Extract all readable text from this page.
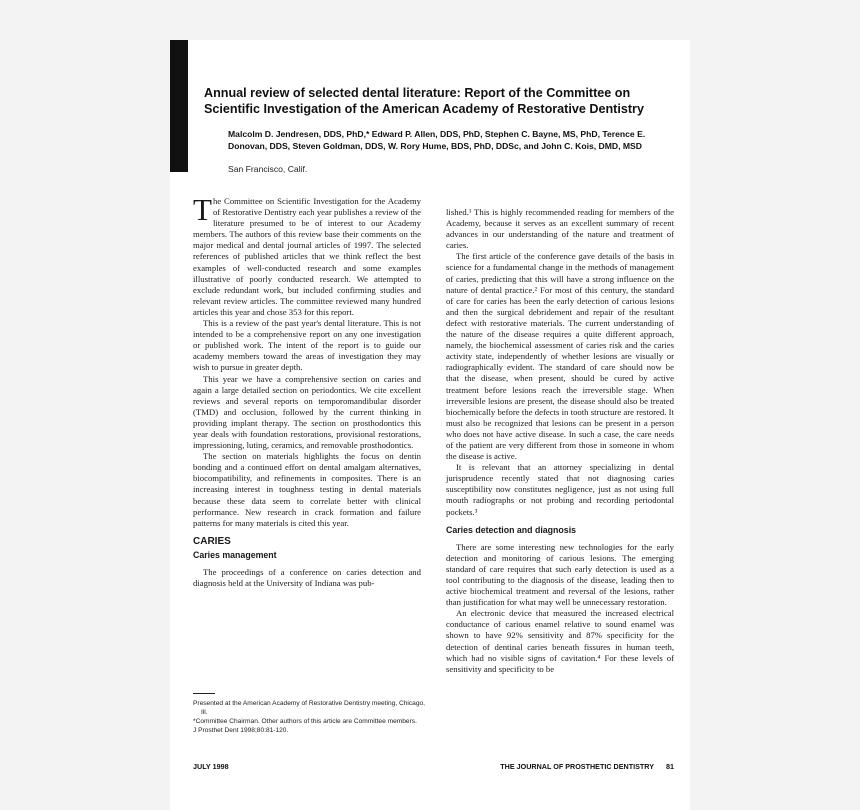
Annual review of selected dental literature: Report of the Committee on Scientific Investigation of the American Academy of Restorative Dentistry
Malcolm D. Jendresen, DDS, PhD,* Edward P. Allen, DDS, PhD, Stephen C. Bayne, MS, PhD, Terence E. Donovan, DDS, Steven Goldman, DDS, W. Rory Hume, BDS, PhD, DDSc, and John C. Kois, DMD, MSD
San Francisco, Calif.

The Committee on Scientific Investigation for the Academy of Restorative Dentistry each year publishes a review of the literature presumed to be of interest to our Academy members. The authors of this review base their comments on the major medical and dental journal articles of 1997. The selected references of published articles that we think reflect the best examples of well-conducted research and some examples illustrative of poorly conducted research. We attempted to exclude redundant work, but included confirming studies and relevant review articles. The committee reviewed many hundred articles this year and chose 353 for this report.

This is a review of the past year's dental literature. This is not intended to be a comprehensive report on any one investigation or published work. The intent of the report is to guide our academy members toward the areas of investigation they may wish to pursue in greater depth.

This year we have a comprehensive section on caries and again a large detailed section on periodontics. We cite excellent reviews and several reports on temporomandibular disorder (TMD) and occlusion, followed by the current thinking in providing implant therapy. The section on prosthodontics this year deals with foundation restorations, provisional restorations, impressioning, luting, ceramics, and removable prosthodontics.

The section on materials highlights the focus on dentin bonding and a continued effort on dental amalgam alternatives, biocompatibility, and refinements in composites. There is an increasing interest in toughness testing in dental materials because these data seem to correlate better with clinical performance. New research in crack formation and failure patterns for many materials is cited this year.

CARIES
Caries management

The proceedings of a conference on caries detection and diagnosis held at the University of Indiana was pub-

lished.¹ This is highly recommended reading for members of the Academy, because it serves as an excellent summary of recent advances in our understanding of the nature and treatment of caries.

The first article of the conference gave details of the basis in science for a fundamental change in the methods of management of caries, predicting that this will have a strong influence on the nature of dental practice.² For most of this century, the standard of care for caries has been the early detection of carious lesions and then the surgical debridement and repair of the resultant defect with restorative materials. The current understanding of the nature of the disease requires a quite different approach, namely, the biochemical assessment of caries risk and the caries activity state, independently of whether lesions are visually or radiographically evident. The standard of care should now be that the disease, when present, should be cured by active treatment before lesions reach the irreversible stage. When irreversible lesions are present, the disease should also be treated biochemically before the defects in tooth structure are restored. It must also be recognized that lesions can be present in a person who does not have active disease. In such a case, the care needs of the patient are very different from those in someone in whom the disease is active.

It is relevant that an attorney specializing in dental jurisprudence recently stated that not diagnosing caries susceptibility now constitutes negligence, just as not using full mouth radiographs or not probing and recording periodontal pockets.³

Caries detection and diagnosis

There are some interesting new technologies for the early detection and monitoring of carious lesions. The emerging standard of care requires that such early detection is used as a tool contributing to the diagnosis of the disease, leading then to active biochemical treatment and reversal of the lesions, rather than justification for what may well be unnecessary restoration.

An electronic device that measured the increased electrical conductance of carious enamel relative to sound enamel was shown to have 92% sensitivity and 87% specificity for the detection of dentinal caries beneath fissures in human teeth, which had no visible signs of cavitation.⁴ For these levels of sensitivity and specificity to be

Presented at the American Academy of Restorative Dentistry meeting, Chicago, Ill.
*Committee Chairman. Other authors of this article are Committee members.
J Prosthet Dent 1998;80:81-120.
JULY 1998	THE JOURNAL OF PROSTHETIC DENTISTRY 81
